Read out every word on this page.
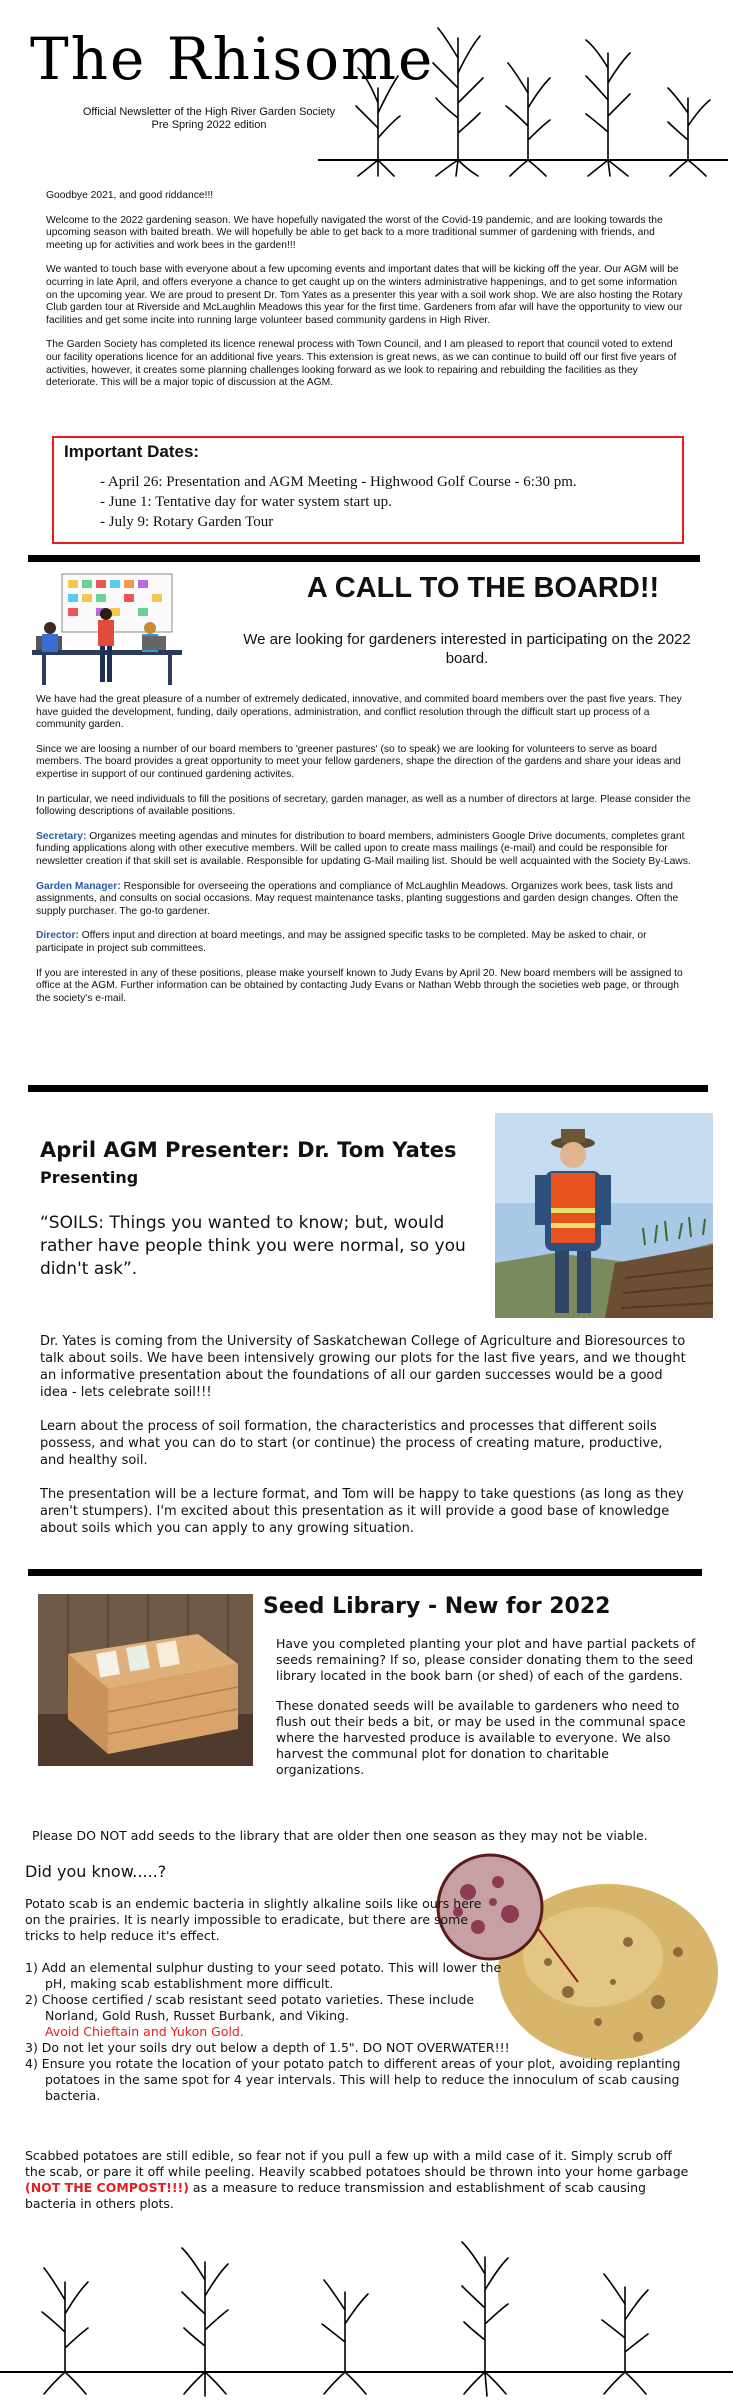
The Rhisome
Official Newsletter of the High River Garden Society
Pre Spring 2022 edition
Goodbye 2021, and good riddance!!!
Welcome to the 2022 gardening season. We have hopefully navigated the worst of the Covid-19 pandemic, and are looking towards the upcoming season with baited breath. We will hopefully be able to get back to a more traditional summer of gardening with friends, and meeting up for activities and work bees in the garden!!!
We wanted to touch base with everyone about a few upcoming events and important dates that will be kicking off the year. Our AGM will be ocurring in late April, and offers everyone a chance to get caught up on the winters administrative happenings, and to get some information on the upcoming year. We are proud to present Dr. Tom Yates as a presenter this year with a soil work shop. We are also hosting the Rotary Club garden tour at Riverside and McLaughlin Meadows this year for the first time. Gardeners from afar will have the opportunity to view our facilities and get some incite into running large volunteer based community gardens in High River.
The Garden Society has completed its licence renewal process with Town Council, and I am pleased to report that council voted to extend our facility operations licence for an additional five years. This extension is great news, as we can continue to build off our first five years of activities, however, it creates some planning challenges looking forward as we look to repairing and rebuilding the facilities as they deteriorate. This will be a major topic of discussion at the AGM.
Important Dates:
- April 26: Presentation and AGM Meeting - Highwood Golf Course - 6:30 pm.
- June 1: Tentative day for water system start up.
- July 9: Rotary Garden Tour
A CALL TO THE BOARD!!
We are looking for gardeners interested in participating on the 2022 board.
We have had the great pleasure of a number of extremely dedicated, innovative, and commited board members over the past five years. They have guided the development, funding, daily operations, administration, and conflict resolution through the difficult start up process of a community garden.
Since we are loosing a number of our board members to 'greener pastures' (so to speak) we are looking for volunteers to serve as board members. The board provides a great opportunity to meet your fellow gardeners, shape the direction of the gardens and share your ideas and expertise in support of our continued gardening activites.
In particular, we need individuals to fill the positions of secretary, garden manager, as well as a number of directors at large. Please consider the following descriptions of available positions.
Secretary: Organizes meeting agendas and minutes for distribution to board members, administers Google Drive documents, completes grant funding applications along with other executive members. Will be called upon to create mass mailings (e-mail) and could be responsible for newsletter creation if that skill set is available. Responsible for updating G-Mail mailing list. Should be well acquainted with the Society By-Laws.
Garden Manager: Responsible for overseeing the operations and compliance of McLaughlin Meadows. Organizes work bees, task lists and assignments, and consults on social occasions. May request maintenance tasks, planting suggestions and garden design changes. Often the supply purchaser. The go-to gardener.
Director: Offers input and direction at board meetings, and may be assigned specific tasks to be completed. May be asked to chair, or participate in project sub committees.
If you are interested in any of these positions, please make yourself known to Judy Evans by April 20. New board members will be assigned to office at the AGM. Further information can be obtained by contacting Judy Evans or Nathan Webb through the societies web page, or through the society's e-mail.
April AGM Presenter: Dr. Tom Yates
Presenting
“SOILS: Things you wanted to know; but, would rather have people think you were normal, so you didn't ask”.
Dr. Yates is coming from the University of Saskatchewan College of Agriculture and Bioresources to talk about soils. We have been intensively growing our plots for the last five years, and we thought an informative presentation about the foundations of all our garden successes would be a good idea - lets celebrate soil!!!
Learn about the process of soil formation, the characteristics and processes that different soils possess, and what you can do to start (or continue) the process of creating mature, productive, and healthy soil.
The presentation will be a lecture format, and Tom will be happy to take questions (as long as they aren't stumpers). I'm excited about this presentation as it will provide a good base of knowledge about soils which you can apply to any growing situation.
Seed Library - New for 2022
Have you completed planting your plot and have partial packets of seeds remaining? If so, please consider donating them to the seed library located in the book barn (or shed) of each of the gardens.
These donated seeds will be available to gardeners who need to flush out their beds a bit, or may be used in the communal space where the harvested produce is available to everyone. We also harvest the communal plot for donation to charitable organizations.
Please DO NOT add seeds to the library that are older then one season as they may not be viable.
Did you know.....?
Potato scab is an endemic bacteria in slightly alkaline soils like ours here on the prairies. It is nearly impossible to eradicate, but there are some tricks to help reduce it's effect.
1) Add an elemental sulphur dusting to your seed potato. This will lower the pH, making scab establishment more difficult.
2) Choose certified / scab resistant seed potato varieties. These include Norland, Gold Rush, Russet Burbank, and Viking.
Avoid Chieftain and Yukon Gold.
3) Do not let your soils dry out below a depth of 1.5". DO NOT OVERWATER!!!
4) Ensure you rotate the location of your potato patch to different areas of your plot, avoiding replanting potatoes in the same spot for 4 year intervals. This will help to reduce the innoculum of scab causing bacteria.
Scabbed potatoes are still edible, so fear not if you pull a few up with a mild case of it. Simply scrub off the scab, or pare it off while peeling. Heavily scabbed potatoes should be thrown into your home garbage (NOT THE COMPOST!!!) as a measure to reduce transmission and establishment of scab causing bacteria in others plots.
